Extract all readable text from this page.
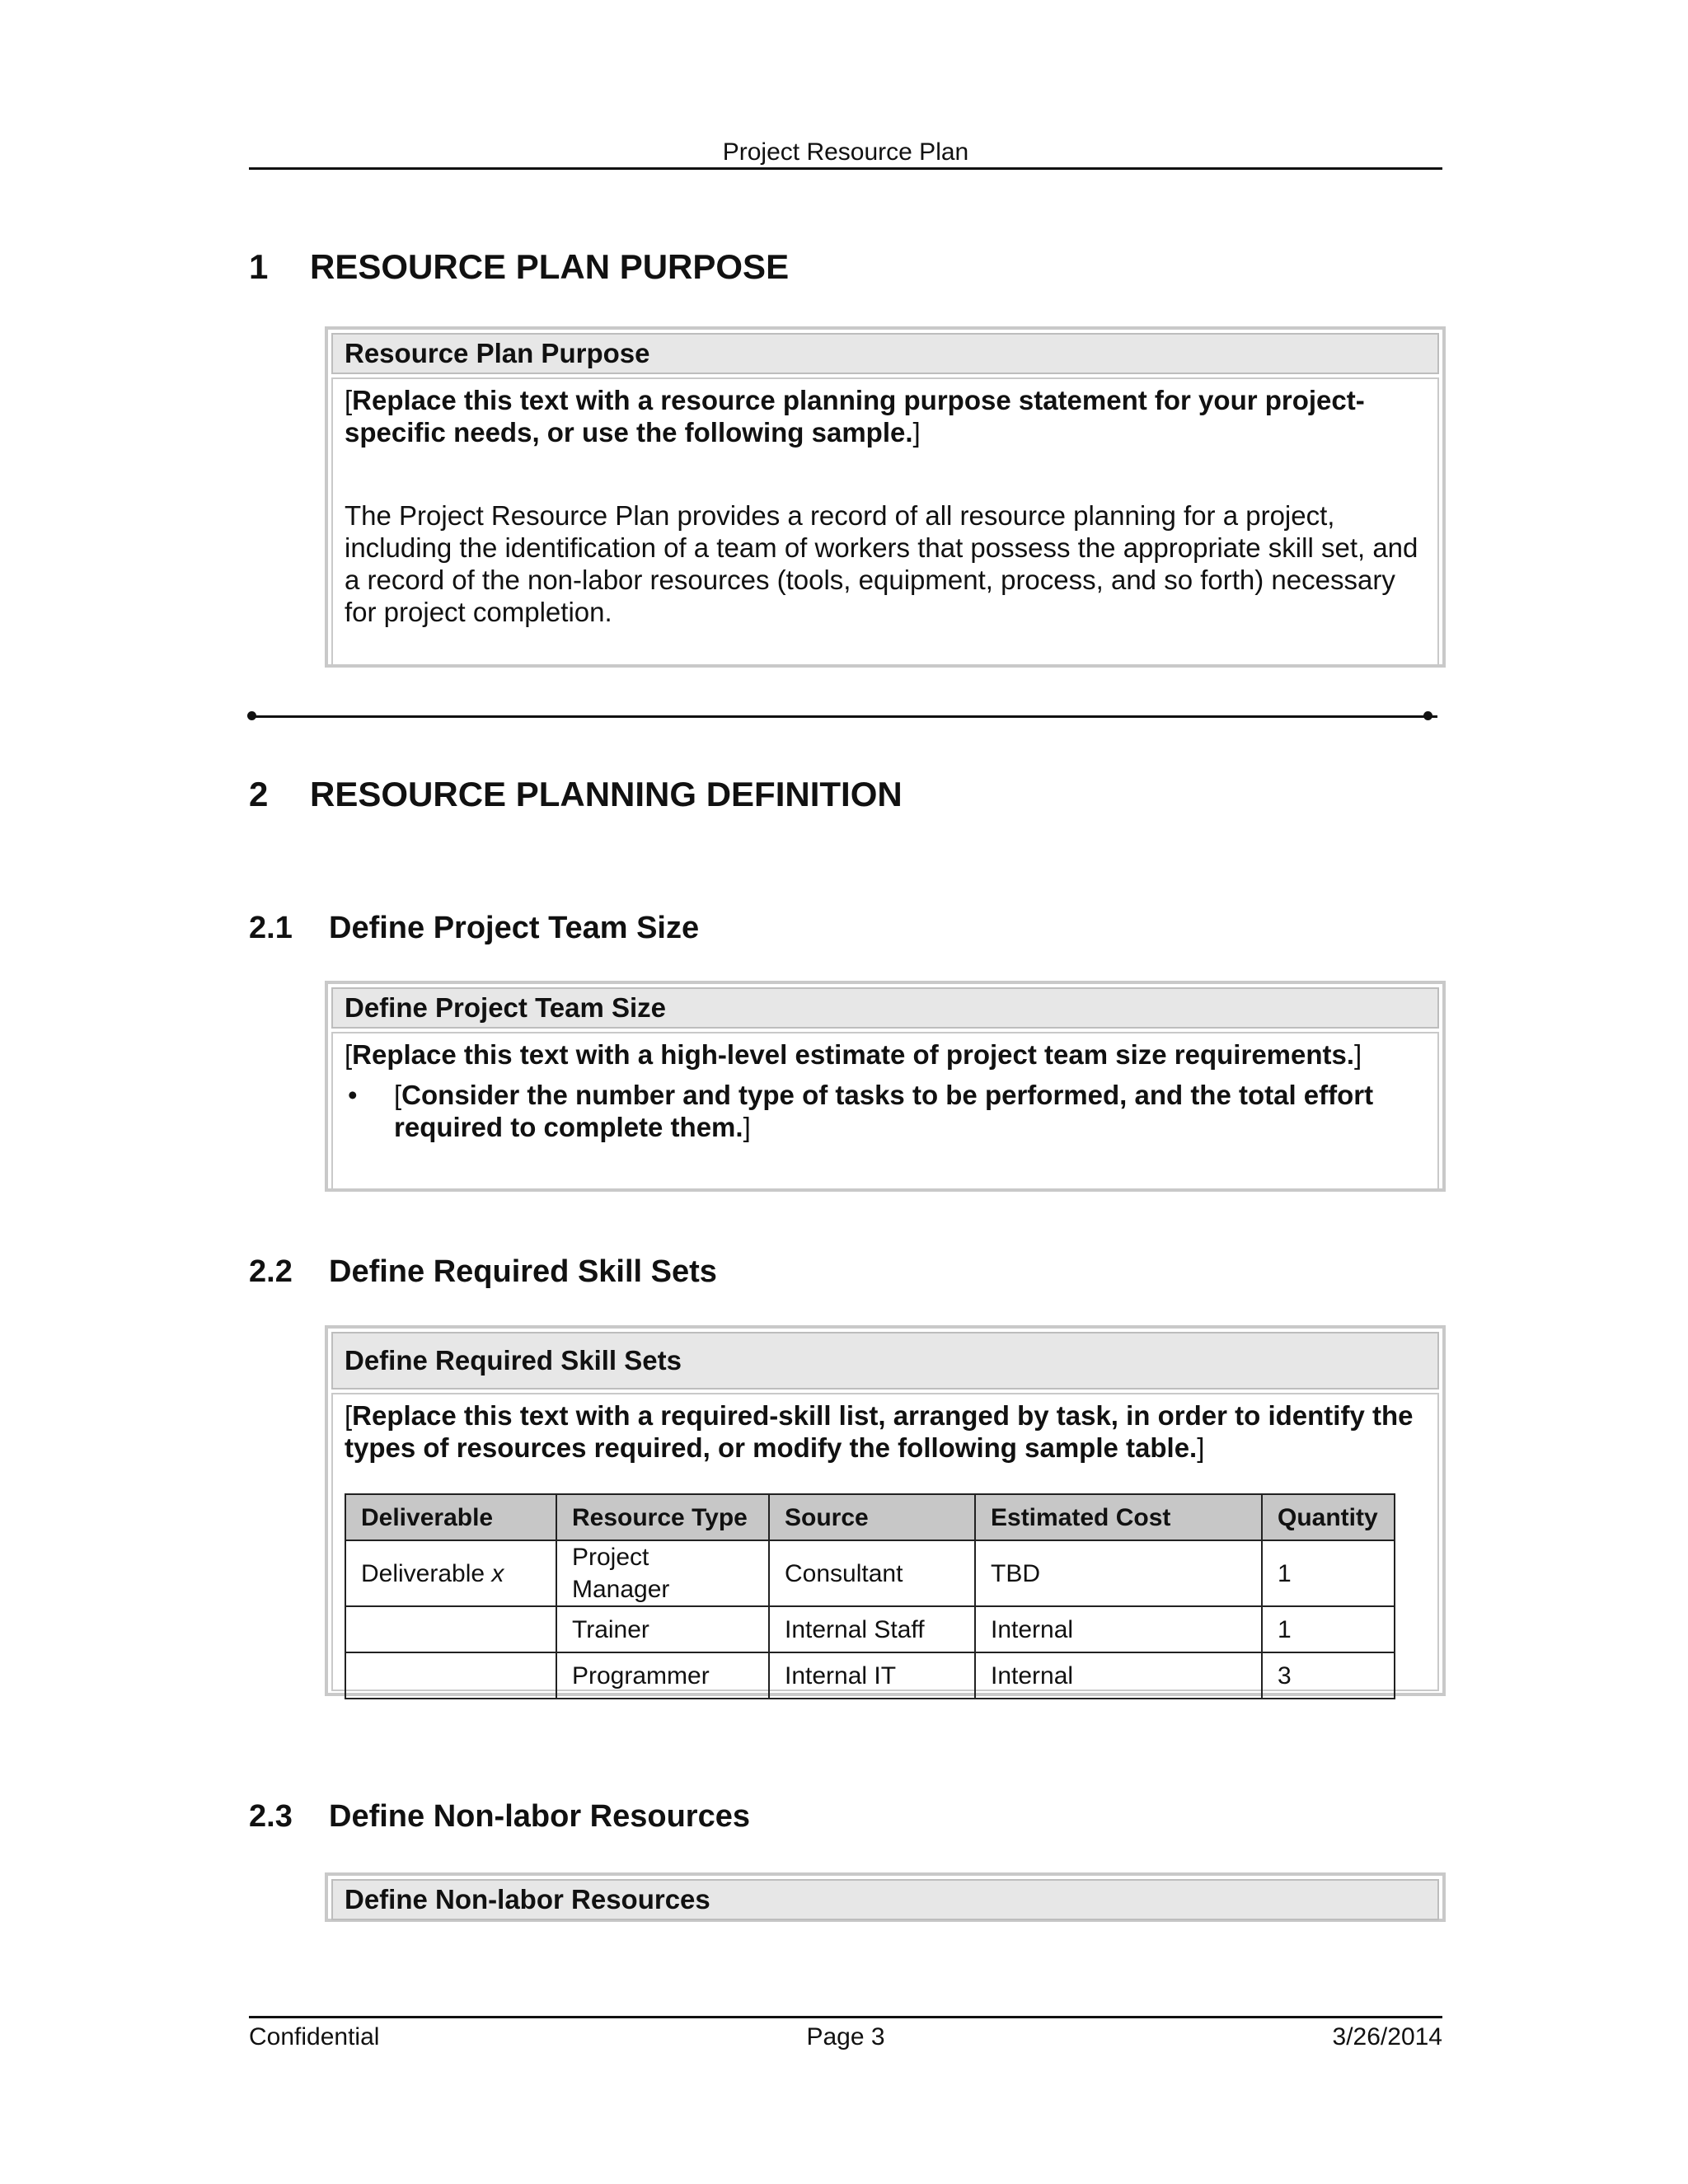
Project Resource Plan
1 RESOURCE PLAN PURPOSE
Resource Plan Purpose

[Replace this text with a resource planning purpose statement for your project-specific needs, or use the following sample.]

The Project Resource Plan provides a record of all resource planning for a project, including the identification of a team of workers that possess the appropriate skill set, and a record of the non-labor resources (tools, equipment, process, and so forth) necessary for project completion.

2 RESOURCE PLANNING DEFINITION
2.1 Define Project Team Size
Define Project Team Size

[Replace this text with a high-level estimate of project team size requirements.]

• [Consider the number and type of tasks to be performed, and the total effort required to complete them.]
2.2 Define Required Skill Sets
Define Required Skill Sets

[Replace this text with a required-skill list, arranged by task, in order to identify the types of resources required, or modify the following sample table.]

Deliverable	Resource Type	Source	Estimated Cost	Quantity
Deliverable x	Project Manager	Consultant	TBD	1
	Trainer	Internal Staff	Internal	1
	Programmer	Internal IT	Internal	3
2.3 Define Non-labor Resources
Define Non-labor Resources
Confidential	Page 3	3/26/2014
